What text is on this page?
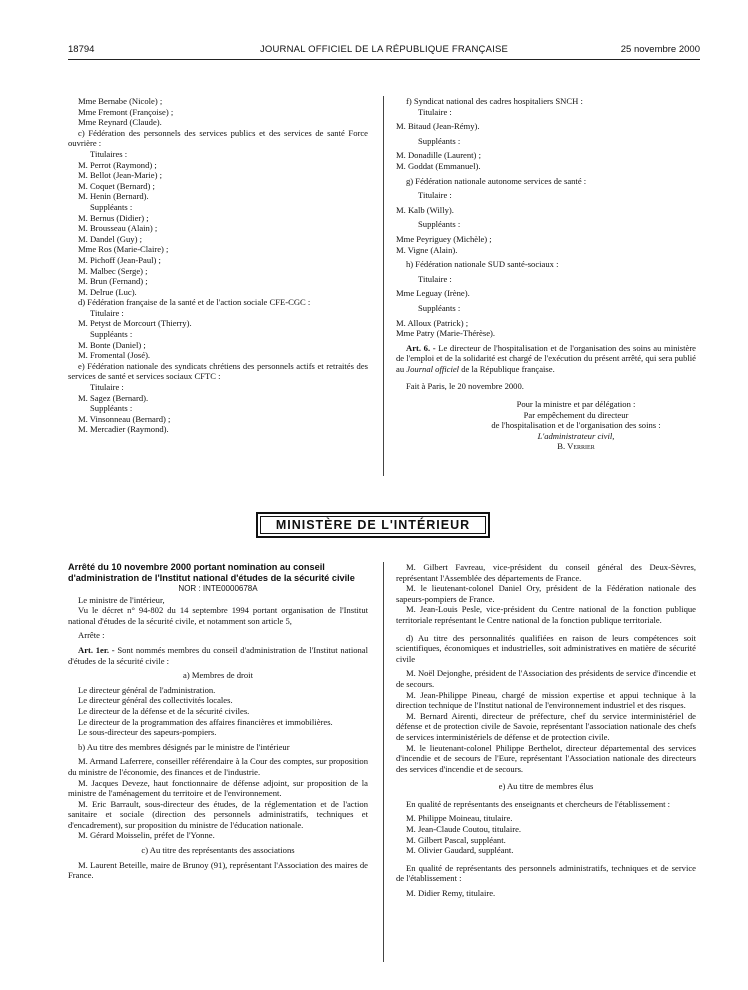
18794	JOURNAL OFFICIEL DE LA RÉPUBLIQUE FRANÇAISE	25 novembre 2000

Mme Bernabe (Nicole) ;

Mme Fremont (Françoise) ;

Mme Reynard (Claude).

c) Fédération des personnels des services publics et des services de santé Force ouvrière :

Titulaires :

M. Perrot (Raymond) ;

M. Bellot (Jean-Marie) ;

M. Coquet (Bernard) ;

M. Henin (Bernard).

Suppléants :

M. Bernus (Didier) ;

M. Brousseau (Alain) ;

M. Dandel (Guy) ;

Mme Ros (Marie-Claire) ;

M. Pichoff (Jean-Paul) ;

M. Malbec (Serge) ;

M. Brun (Fernand) ;

M. Delrue (Luc).

d) Fédération française de la santé et de l'action sociale CFE-CGC :

Titulaire :

M. Petyst de Morcourt (Thierry).

Suppléants :

M. Bonte (Daniel) ;

M. Fromental (José).

e) Fédération nationale des syndicats chrétiens des personnels actifs et retraités des services de santé et services sociaux CFTC :

Titulaire :

M. Sagez (Bernard).

Suppléants :

M. Vinsonneau (Bernard) ;

M. Mercadier (Raymond).

f) Syndicat national des cadres hospitaliers SNCH :

Titulaire :

M. Bitaud (Jean-Rémy).

Suppléants :

M. Donadille (Laurent) ;

M. Goddat (Emmanuel).

g) Fédération nationale autonome services de santé :

Titulaire :

M. Kalb (Willy).

Suppléants :

Mme Peyriguey (Michèle) ;

M. Vigne (Alain).

h) Fédération nationale SUD santé-sociaux :

Titulaire :

Mme Leguay (Irène).

Suppléants :

M. Alloux (Patrick) ;

Mme Patry (Marie-Thérèse).

Art. 6. - Le directeur de l'hospitalisation et de l'organisation des soins au ministère de l'emploi et de la solidarité est chargé de l'exécution du présent arrêté, qui sera publié au Journal officiel de la République française.

Fait à Paris, le 20 novembre 2000.

Pour la ministre et par délégation :

Par empêchement du directeur

de l'hospitalisation et de l'organisation des soins :

L'administrateur civil,

B. Verrier

MINISTÈRE DE L'INTÉRIEUR

Arrêté du 10 novembre 2000 portant nomination au conseil d'administration de l'Institut national d'études de la sécurité civile

NOR : INTE0000678A

Le ministre de l'intérieur,

Vu le décret n° 94-802 du 14 septembre 1994 portant organisation de l'Institut national d'études de la sécurité civile, et notamment son article 5,

Arrête :

Art. 1er. - Sont nommés membres du conseil d'administration de l'Institut national d'études de la sécurité civile :

a) Membres de droit

Le directeur général de l'administration.

Le directeur général des collectivités locales.

Le directeur de la défense et de la sécurité civiles.

Le directeur de la programmation des affaires financières et immobilières.

Le sous-directeur des sapeurs-pompiers.

b) Au titre des membres désignés par le ministre de l'intérieur

M. Armand Laferrere, conseiller référendaire à la Cour des comptes, sur proposition du ministre de l'économie, des finances et de l'industrie.

M. Jacques Deveze, haut fonctionnaire de défense adjoint, sur proposition de la ministre de l'aménagement du territoire et de l'environnement.

M. Eric Barrault, sous-directeur des études, de la réglementation et de l'action sanitaire et sociale (direction des personnels administratifs, techniques et d'encadrement), sur proposition du ministre de l'éducation nationale.

M. Gérard Moisselin, préfet de l'Yonne.

c) Au titre des représentants des associations

M. Laurent Beteille, maire de Brunoy (91), représentant l'Association des maires de France.

M. Gilbert Favreau, vice-président du conseil général des Deux-Sèvres, représentant l'Assemblée des départements de France.

M. le lieutenant-colonel Daniel Ory, président de la Fédération nationale des sapeurs-pompiers de France.

M. Jean-Louis Pesle, vice-président du Centre national de la fonction publique territoriale représentant le Centre national de la fonction publique territoriale.

d) Au titre des personnalités qualifiées en raison de leurs compétences soit scientifiques, économiques et industrielles, soit administratives en matière de sécurité civile

M. Noël Dejonghe, président de l'Association des présidents de service d'incendie et de secours.

M. Jean-Philippe Pineau, chargé de mission expertise et appui technique à la direction technique de l'Institut national de l'environnement industriel et des risques.

M. Bernard Airenti, directeur de préfecture, chef du service interministériel de défense et de protection civile de Savoie, représentant l'association nationale des chefs de services interministériels de défense et de protection civile.

M. le lieutenant-colonel Philippe Berthelot, directeur départemental des services d'incendie et de secours de l'Eure, représentant l'Association nationale des directeurs des services d'incendie et de secours.

e) Au titre de membres élus

En qualité de représentants des enseignants et chercheurs de l'établissement :

M. Philippe Moineau, titulaire.

M. Jean-Claude Coutou, titulaire.

M. Gilbert Pascal, suppléant.

M. Olivier Gaudard, suppléant.

En qualité de représentants des personnels administratifs, techniques et de service de l'établissement :

M. Didier Remy, titulaire.
